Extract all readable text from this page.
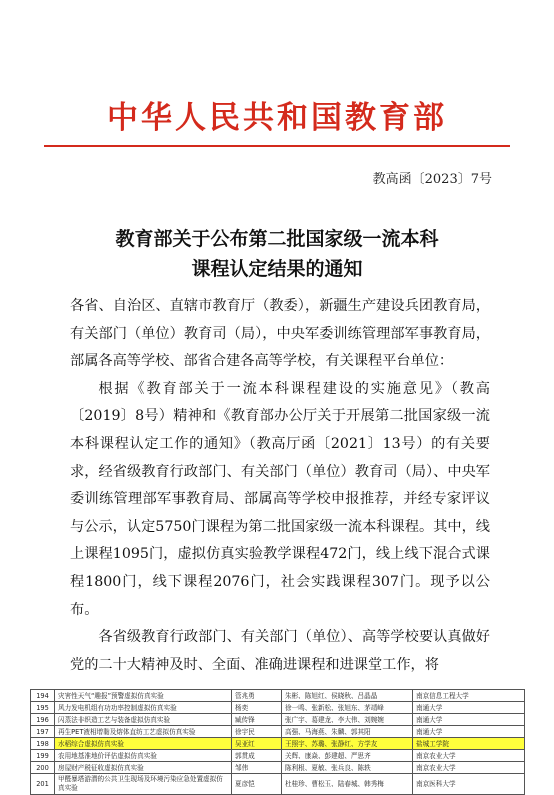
中华人民共和国教育部
教高函〔2023〕7号
教育部关于公布第二批国家级一流本科
课程认定结果的通知

各省、自治区、直辖市教育厅（教委），新疆生产建设兵团教育局，有关部门（单位）教育司（局），中央军委训练管理部军事教育局，部属各高等学校、部省合建各高等学校，有关课程平台单位：

根据《教育部关于一流本科课程建设的实施意见》（教高〔2019〕8号）精神和《教育部办公厅关于开展第二批国家级一流本科课程认定工作的通知》（教高厅函〔2021〕13号）的有关要求，经省级教育行政部门、有关部门（单位）教育司（局）、中央军委训练管理部军事教育局、部属高等学校申报推荐，并经专家评议与公示，认定5750门课程为第二批国家级一流本科课程。其中，线上课程1095门，虚拟仿真实验教学课程472门，线上线下混合式课程1800门，线下课程2076门，社会实践课程307门。现予以公布。

各省级教育行政部门、有关部门（单位）、高等学校要认真做好党的二十大精神及时、全面、准确进课程和进课堂工作，将

194	灾害性天气“趣报”预警虚拟仿真实验	管兆勇	朱彬、陈旭红、侯晓秋、吕晶晶	南京信息工程大学
195	风力发电机组有功功率控制虚拟仿真实验	杨奕	徐一鸣、张新松、张旭东、茅靖峰	南通大学
196	闪蒸法非织造工艺与装备虚拟仿真实验	臧传锋	张广宇、葛建龙、李大伟、刘婉婉	南通大学
197	再生PET液相增黏及熔体直纺工艺虚拟仿真实验	徐宇民	高强、马海燕、朱麟、郭其阳	南通大学
198	水稻综合虚拟仿真实验	吴亚红	王照宇、苏璐、张静红、方学友	盐城工学院
199	农用地基准地价评估虚拟仿真实验	郭贯成	关辉、康焱、彭建超、严思齐	南京农业大学
200	房屋财产税征收虚拟仿真实验	邹伟	陈利根、夏敏、张兵良、陈轶	南京农业大学
201	甲醛暴塔游潜的公共卫生现场及环境污染应急处置虚拟仿真实验	夏彦恺	杜桂珍、曹松玉、陆春城、韩秀梅	南京医科大学
